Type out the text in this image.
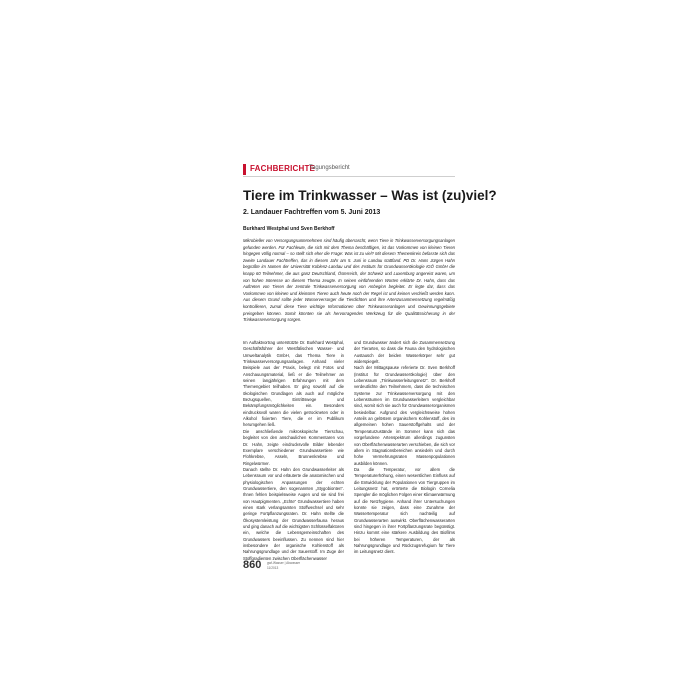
FACHBERICHTE
Tagungsbericht
Tiere im Trinkwasser – Was ist (zu)viel?
2. Landauer Fachtreffen vom 5. Juni 2013
Burkhard Westphal und Sven Berkhoff
Mikrobieller von Versorgungsunternehmen sind häufig überrascht, wenn Tiere in Trinkwasserversorgungsanlagen gefunden werden. Für Fachleute, die sich mit dem Thema beschäftigen, ist das Vorkommen von kleinen Tieren hingegen völlig normal – so stellt sich eher die Frage: Was ist zu viel? Mit diesem Themenkreis befasste sich das zweite Landauer Fachtreffen, das in diesem Jahr am 5. Juni in Landau stattfand. PD Dr. Hans Jürgen Hahn begrüßte im Namen der Universität Koblenz-Landau und des Instituts für Grundwasserökologie IGÖ GmbH die knapp 60 Teilnehmer, die aus ganz Deutschland, Österreich, der Schweiz und Luxemburg angereist waren, um von hohen Interesse an diesem Thema zeugte. In seinen einführenden Worten erklärte Dr. Hahn, dass das Auftreten von Tieren der zentrale Trinkwasserversorgung von Anbeginn begleitet. Er legte dar, dass das Vorkommen von kleinen und kleinsten Tieren auch heute noch der Regel ist und keinen verdrießt werden kann. Aus diesem Grund sollte jeder Wasserversorger die Tierdichten und ihre Artenzusammensetzung regelmäßig kontrollieren, zumal diese Tiere wichtige Informationen über Trinkwasseranlagen und Gewinnungsgebiete preisgeben können. Somit könnten sie als hervorragendes Werkzeug für die Qualitätssicherung in der Trinkwasserversorgung sorgen.

Im Auftaktvortrag unterstützte Dr. Burkhard Westphal, Geschäftsführer der Westfälischen Wasser- und Umweltanalytik GmbH, das Thema Tiere in Trinkwasserversorgungsanlagen. Anhand vieler Beispiele aus der Praxis, belegt mit Fotos und Anschauungsmaterial, ließ er die Teilnehmer an seinen langjährigen Erfahrungen mit dem Themengebiet teilhaben. Er ging sowohl auf die ökologischen Grundlagen als auch auf mögliche Bezugsquellen, Eintrittswege und Bekämpfungsmöglichkeiten ein. Besonders eindrucksvoll waren die vielen getrockneten oder in Alkohol fixierten Tiere, die er im Publikum herumgehen ließ.

Die anschließende mikroskopische Tierschau, begleitet von den anschaulichen Kommentaren von Dr. Hahn, zeigte eindrucksvolle Bilder lebender Exemplare verschiedener Grundwassertiere wie Flohkrebse, Asseln, Brunnenkrebse und Ringelwürmer.

Danach stellte Dr. Hahn den Grundwasserleiter als Lebensraum vor und erläuterte die anatomischen und physiologischen Anpassungen der echten Grundwassertiere, den sogenannten „Stygobionten“. Ihnen fehlen beispielsweise Augen und sie sind frei von Hautpigmenten. „Echte“ Grundwassertiere haben einen stark verlangsamten Stoffwechsel und sehr geringe Fortpflanzungsraten. Dr. Hahn stellte die Ökosystemleistung der Grundwasserfauna heraus und ging danach auf die wichtigsten Schlüsselfaktoren ein, welche die Lebensgemeinschaften des Grundwassers beeinflussen. Zu nennen sind hier insbesondere der organische Kohlenstoff als Nahrungsgrundlage und der Sauerstoff. Im Zuge der Stoffgradienten zwischen Oberflächenwasser

und Grundwasser ändert sich die Zusammensetzung der Tierarten, so dass die Fauna den hydrologischen Austausch der beiden Wasserkörper sehr gut widerspiegelt.

Nach der Mittagspause referierte Dr. Sven Berkhoff (Institut für Grundwasserökologie) über den Lebensraum „Trinkwasserleitungsnetz“. Dr. Berkhoff verdeutlichte den Teilnehmern, dass die technischen Systeme zur Trinkwasserversorgung mit den Lebensräumen im Grundwasserleitern vergleichbar sind, womit sich sie auch für Grundwasserorganismen besiedelbar. Aufgrund des vergleichsweise hohen Anteils an gelöstem organischem Kohlenstoff, des im allgemeinen hohen Sauerstoffgehalts und der Temperaturzustände im Sommer kann sich das vorgefundene Artenspektrum allerdings zugunsten von Oberflächenwasserarten verschieben, die sich vor allem in Stagnationsbereichen ansiedeln und durch hohe Vermehrungsraten Massenpopulationen ausbilden können.

Da die Temperatur, vor allem die Temperaturerhöhung, einen wesentlichen Einfluss auf die Entwicklung der Populationen von Tiergruppen im Leitungsnetz hat, erörterte die Biologin Cornelia Spengler die möglichen Folgen einer Klimaerwärmung auf die Netzhygiene. Anhand ihrer Untersuchungen konnte sie zeigen, dass eine Zunahme der Wassertemperatur sich nachteilig auf Grundwasserarten auswirkt. Oberflächenwasserarten sind hingegen in ihrer Fortpflanzungsrate begünstigt. Hinzu kommt eine stärkere Ausbildung des Biofilms bei höheren Temperaturen, der als Nahrungsgrundlage und Rückzugsrefugium für Tiere im Leitungsnetz dient.

860 gwf-Wasser | Abwasser
11/2013
